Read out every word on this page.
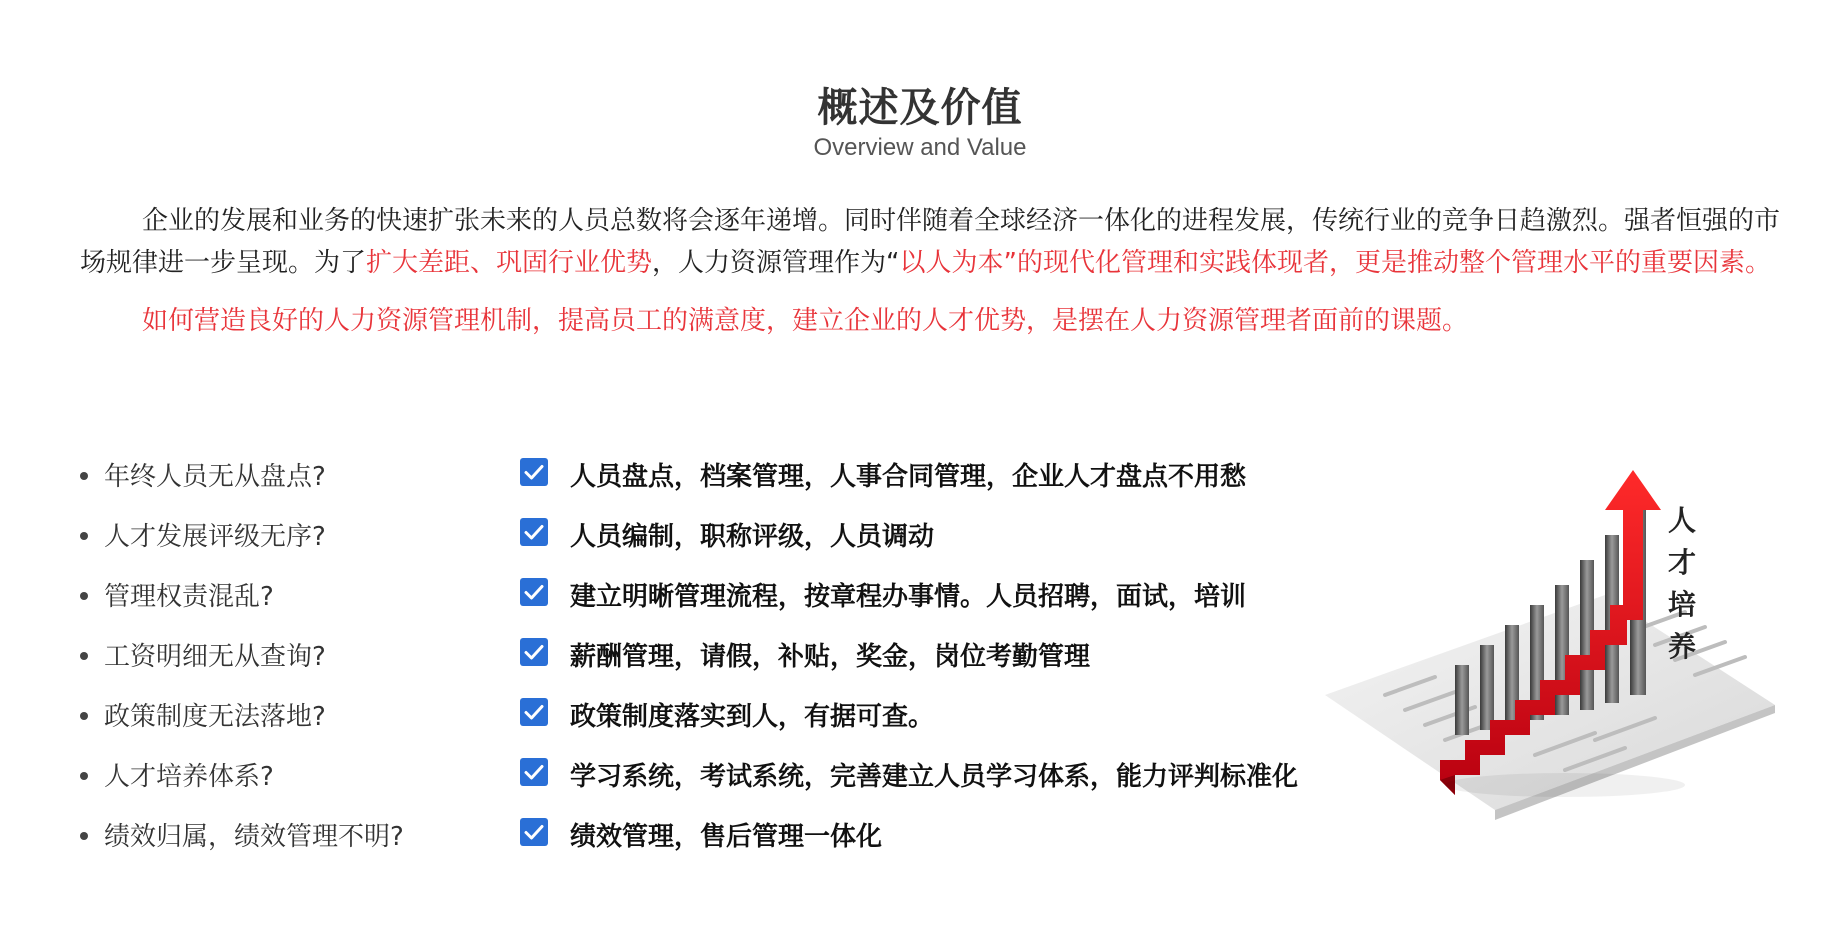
概述及价值
Overview and Value

企业的发展和业务的快速扩张未来的人员总数将会逐年递增。同时伴随着全球经济一体化的进程发展，传统行业的竞争日趋激烈。强者恒强的市场规律进一步呈现。为了扩大差距、巩固行业优势，人力资源管理作为“以人为本”的现代化管理和实践体现者，更是推动整个管理水平的重要因素。

如何营造良好的人力资源管理机制，提高员工的满意度，建立企业的人才优势，是摆在人力资源管理者面前的课题。

年终人员无从盘点?	人员盘点，档案管理，人事合同管理，企业人才盘点不用愁
人才发展评级无序?	人员编制，职称评级，人员调动
管理权责混乱?	建立明晰管理流程，按章程办事情。人员招聘，面试，培训
工资明细无从查询?	薪酬管理，请假，补贴，奖金，岗位考勤管理
政策制度无法落地?	政策制度落实到人，有据可查。
人才培养体系?	学习系统，考试系统，完善建立人员学习体系，能力评判标准化
绩效归属，绩效管理不明?	绩效管理，售后管理一体化
人
才
培
养
